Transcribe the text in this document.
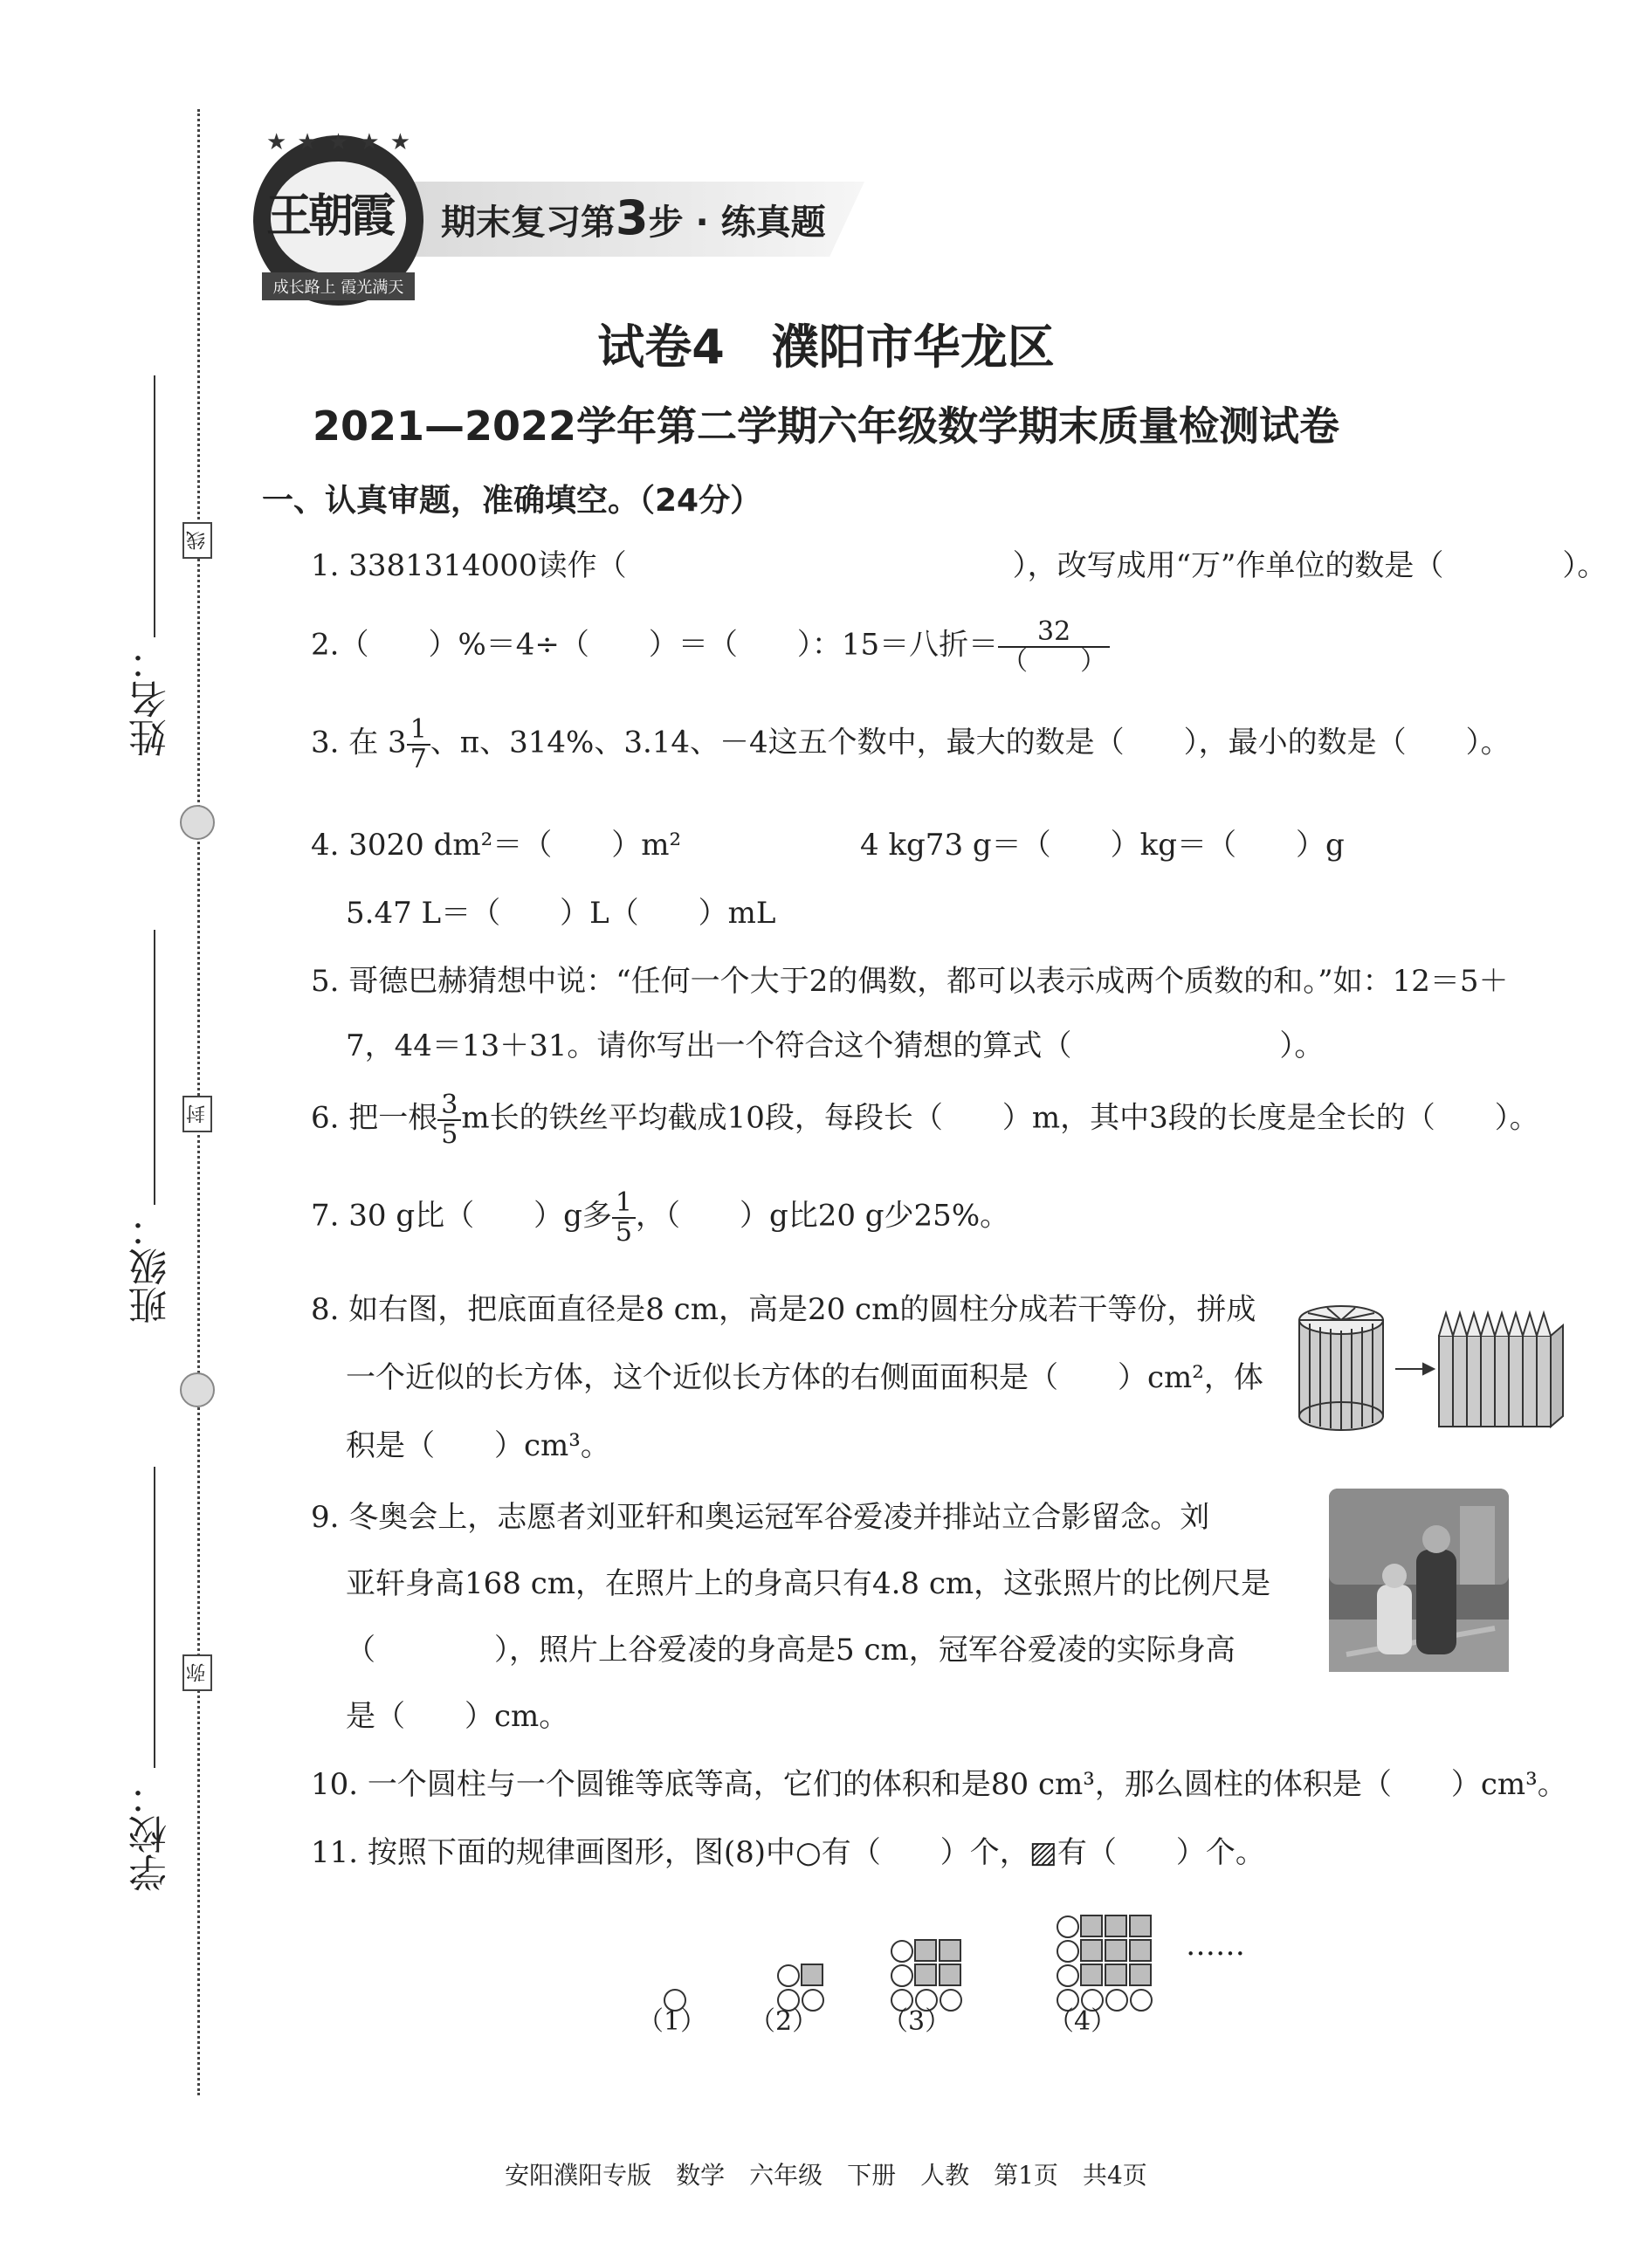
线
封
弥
姓名：
班级：
学校：
期末复习第3步 · 练真题
★ ★ ★ ★ ★
王朝霞
成长路上 霞光满天
试卷4　濮阳市华龙区
2021—2022学年第二学期六年级数学期末质量检测试卷
一、认真审题，准确填空。（24分）
1. 3381314000读作（　　　　　　　　　　　　　），改写成用“万”作单位的数是（　　　　）。
2.（　　）%＝4÷（　　）＝（　　）：15＝八折＝ $\frac{32}{( )}$
3. 在 $3 \frac{1}{7}$ 、π、314%、3.14̇、－4这五个数中，最大的数是（　　），最小的数是（　　）。
4. 3020 dm²＝（　　）m²	4 kg73 g＝（　　）kg＝（　　）g
5.47 L＝（　　）L（　　）mL
5. 哥德巴赫猜想中说：“任何一个大于2的偶数，都可以表示成两个质数的和。”如：12＝5＋
7，44＝13＋31。请你写出一个符合这个猜想的算式（　　　　　　　）。
6. 把一根 $\frac{3}{5}$ m长的铁丝平均截成10段，每段长（　　）m，其中3段的长度是全长的（　　）。
7. 30 g比（　　）g多 $\frac{1}{5}$ ，（　　）g比20 g少25%。
8. 如右图，把底面直径是8 cm，高是20 cm的圆柱分成若干等份，拼成
一个近似的长方体，这个近似长方体的右侧面面积是（　　）cm²，体
积是（　　）cm³。
9. 冬奥会上，志愿者刘亚轩和奥运冠军谷爱凌并排站立合影留念。刘
亚轩身高168 cm，在照片上的身高只有4.8 cm，这张照片的比例尺是
（　　　　），照片上谷爱凌的身高是5 cm，冠军谷爱凌的实际身高
是（　　）cm。
10. 一个圆柱与一个圆锥等底等高，它们的体积和是80 cm³，那么圆柱的体积是（　　）cm³。
11. 按照下面的规律画图形，图(8)中○有（　　）个，▨有（　　）个。
……
（1） （2） （3）	（4）
安阳濮阳专版　数学　六年级　下册　人教　第1页　共4页
